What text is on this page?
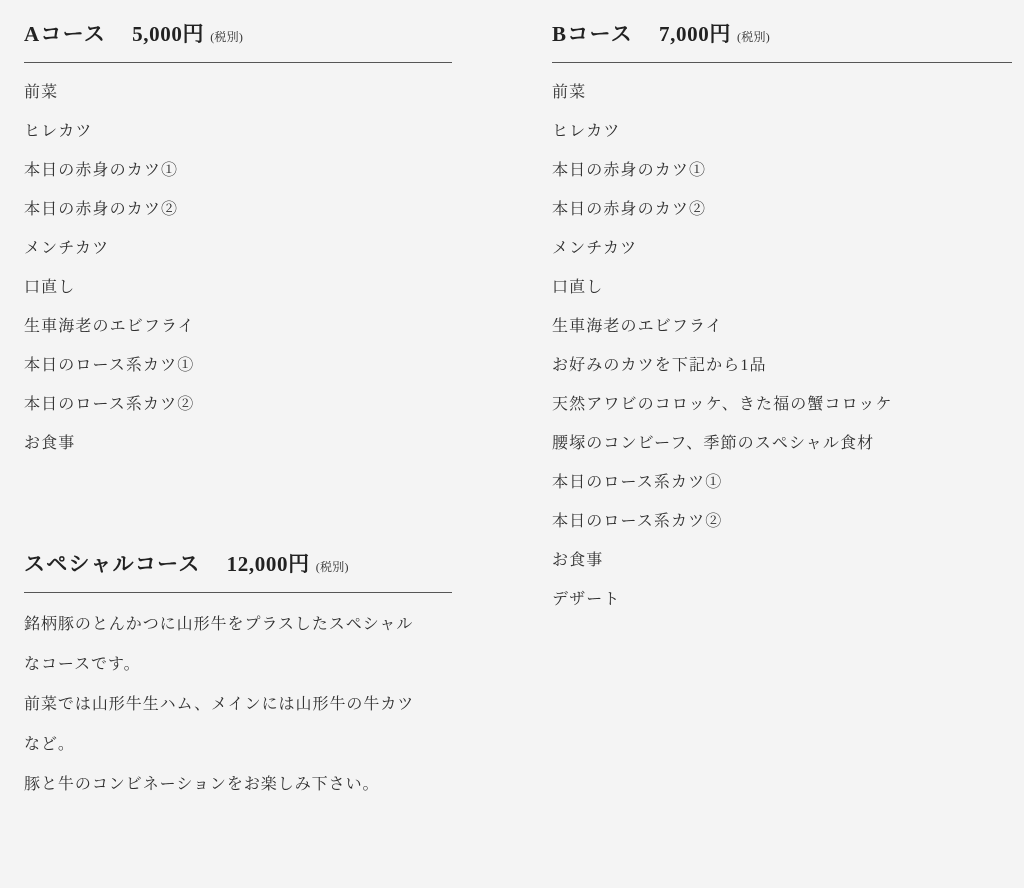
Aコース 5,000円 (税別)
前菜
ヒレカツ
本日の赤身のカツ①
本日の赤身のカツ②
メンチカツ
口直し
生車海老のエビフライ
本日のロース系カツ①
本日のロース系カツ②
お食事
スペシャルコース 12,000円 (税別)

銘柄豚のとんかつに山形牛をプラスしたスペシャル

なコースです。

前菜では山形牛生ハム、メインには山形牛の牛カツ

など。

豚と牛のコンビネーションをお楽しみ下さい。

Bコース 7,000円 (税別)
前菜
ヒレカツ
本日の赤身のカツ①
本日の赤身のカツ②
メンチカツ
口直し
生車海老のエビフライ
お好みのカツを下記から1品
天然アワビのコロッケ、きた福の蟹コロッケ
腰塚のコンビーフ、季節のスペシャル食材
本日のロース系カツ①
本日のロース系カツ②
お食事
デザート
